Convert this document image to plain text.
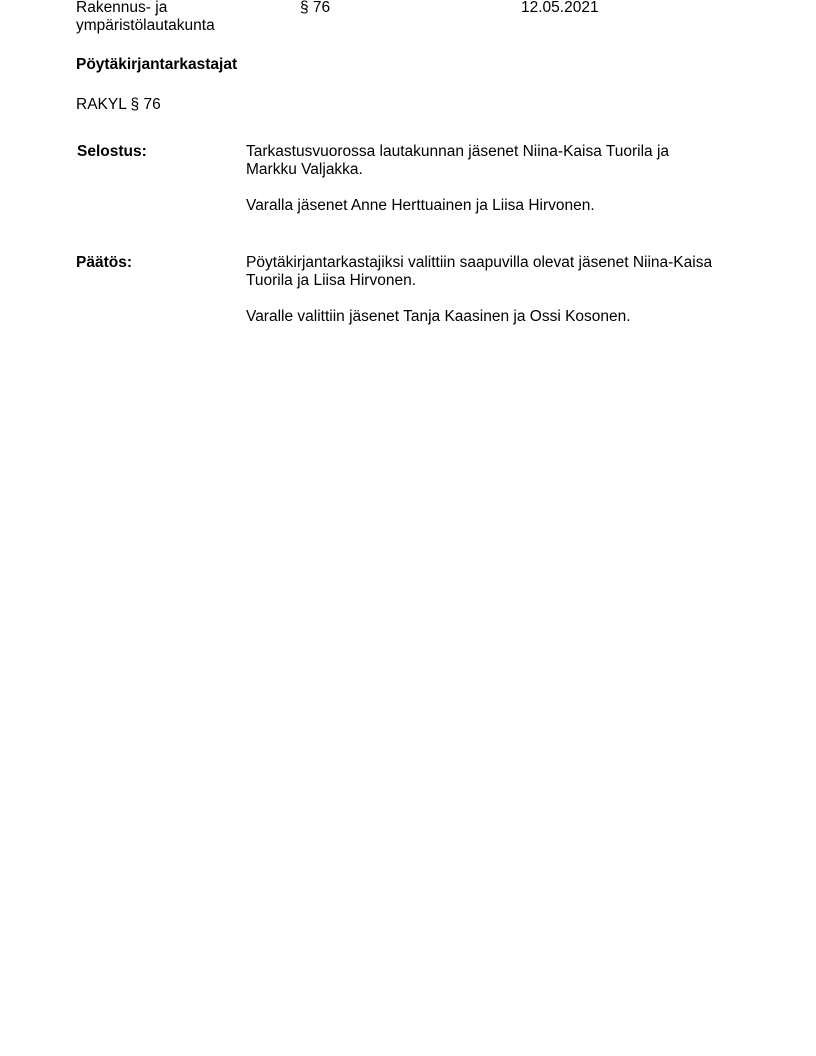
Rakennus- ja
ympäristölautakunta
§ 76	12.05.2021
Pöytäkirjantarkastajat
RAKYL § 76
Selostus:	Tarkastusvuorossa lautakunnan jäsenet Niina-Kaisa Tuorila ja
Markku Valjakka.

Varalla jäsenet Anne Herttuainen ja Liisa Hirvonen.

Päätös:	Pöytäkirjantarkastajiksi valittiin saapuvilla olevat jäsenet Niina-Kaisa
Tuorila ja Liisa Hirvonen.

Varalle valittiin jäsenet Tanja Kaasinen ja Ossi Kosonen.
